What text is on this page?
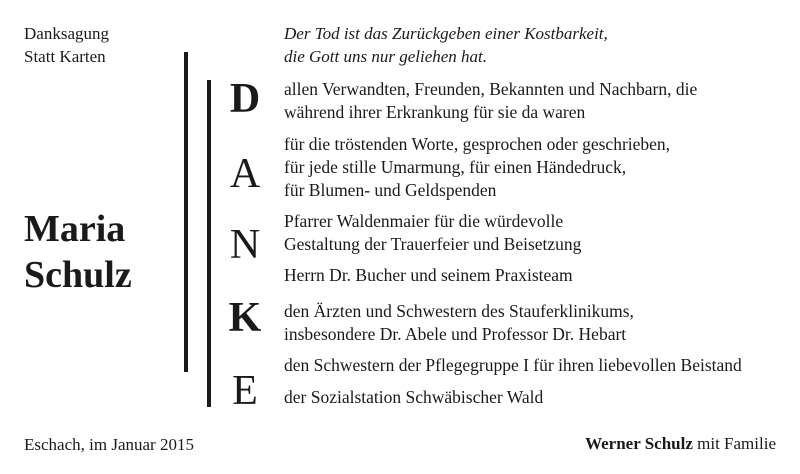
Danksagung
Statt Karten
Der Tod ist das Zurückgeben einer Kostbarkeit,
die Gott uns nur geliehen hat.
Maria
Schulz
D
A
N
K
E
allen Verwandten, Freunden, Bekannten und Nachbarn, die
während ihrer Erkrankung für sie da waren
für die tröstenden Worte, gesprochen oder geschrieben,
für jede stille Umarmung, für einen Händedruck,
für Blumen- und Geldspenden
Pfarrer Waldenmaier für die würdevolle
Gestaltung der Trauerfeier und Beisetzung
Herrn Dr. Bucher und seinem Praxisteam
den Ärzten und Schwestern des Stauferklinikums,
insbesondere Dr. Abele und Professor Dr. Hebart
den Schwestern der Pflegegruppe I für ihren liebevollen Beistand
der Sozialstation Schwäbischer Wald
Eschach, im Januar 2015	Werner Schulz mit Familie
